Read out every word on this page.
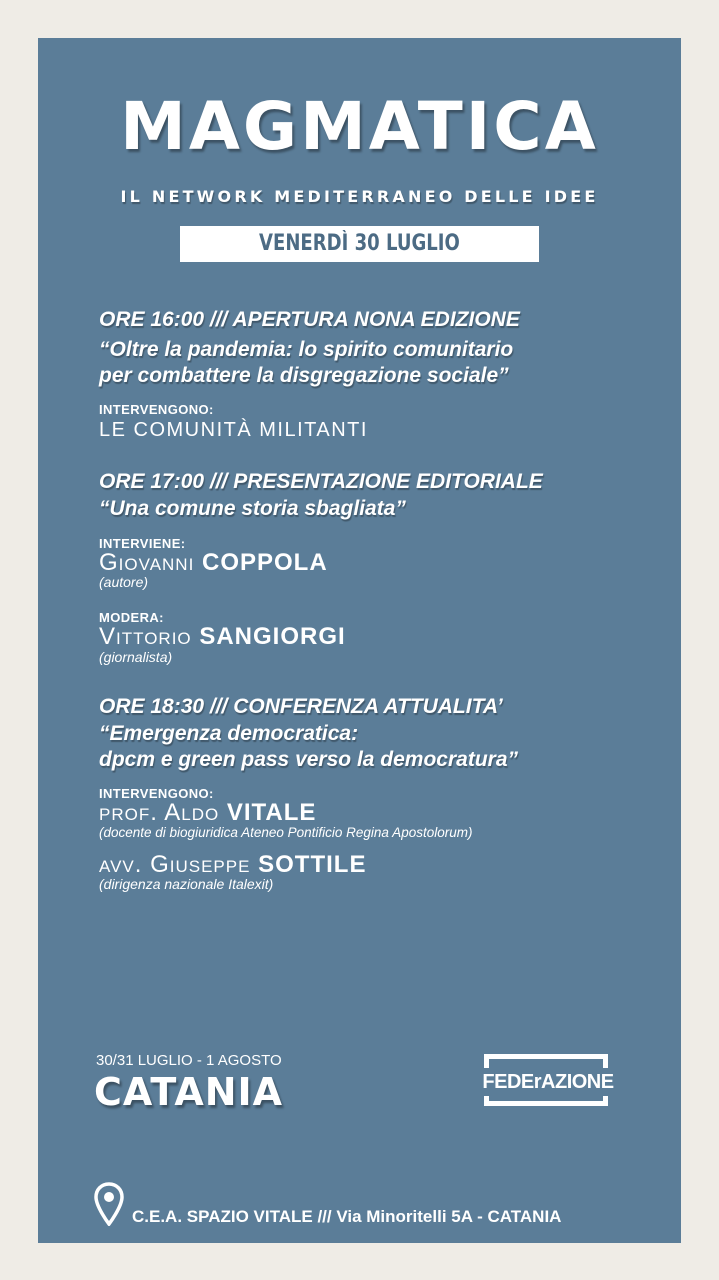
MAGMATICA
IL NETWORK MEDITERRANEO DELLE IDEE
VENERDÌ 30 LUGLIO
ORE 16:00 /// APERTURA NONA EDIZIONE
“Oltre la pandemia: lo spirito comunitario
per combattere la disgregazione sociale”
INTERVENGONO:
LE COMUNITÀ MILITANTI
ORE 17:00 /// PRESENTAZIONE EDITORIALE
“Una comune storia sbagliata”
INTERVIENE:
Giovanni COPPOLA
(autore)
MODERA:
Vittorio SANGIORGI
(giornalista)
ORE 18:30 /// CONFERENZA ATTUALITA’
“Emergenza democratica:
dpcm e green pass verso la democratura”
INTERVENGONO:
prof. Aldo VITALE
(docente di biogiuridica Ateneo Pontificio Regina Apostolorum)
avv. Giuseppe SOTTILE
(dirigenza nazionale Italexit)
30/31 LUGLIO - 1 AGOSTO
CATANIA	FEDErAZIONE
C.E.A. SPAZIO VITALE /// Via Minoritelli 5A - CATANIA
